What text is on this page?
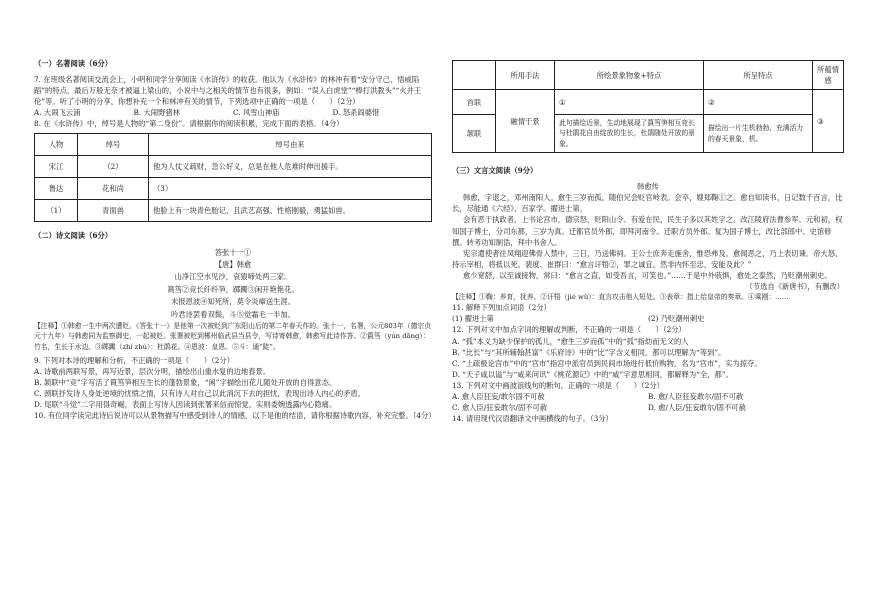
（一）名著阅读（6分）

7. 在班级名著阅读交流会上，小明和同学分享阅读《水浒传》的收获。他认为《水浒传》的林冲有着“安分守己、悟威陷蹈”的特点，最后万般无奈才被逼上梁山的，小说中与之相关的情节也有很多，例如：“误入白虎堂”“棒打洪教头”“火并王伦”等。听了小明的分享，你想补充一个和林冲有关的情节，下列选项中正确的一项是（　　）（2分）

A. 大闹飞云浦	B. 大闹野猪林	C. 风雪山神庙	D. 怒杀阎婆惜

8. 在《水浒传》中，绰号是人物的“第二身份”。请根据你的阅读积累，完成下面的表格。（4分）

人物	绰号	绰号由来
宋江	（2）	他为人仗义疏财，急公好义，总是在他人危难时伸出援手。
鲁达	花和尚	（3）
（1）	青面兽	他脸上有一块青色胎记，且武艺高强、性格刚毅，勇猛如兽。

（二）诗文阅读（6分）

答张十一①

【唐】韩愈

山净江空水见沙，哀猿啼处两三家。

篔筜②竞长纤纤笋，踯躅③闲开艳艳花。

未报恩波④知死所，莫令炎瘴送生涯。

吟君诗罢看双鬓，斗⑤觉霜毛一半加。

【注释】①韩愈一生中两次遭贬。《答张十一》是他第一次被贬到广东阳山后的第二年春天作的。张十一，名署，公元803年（德宗贞元十九年）与韩愈同为监察御史，一起被贬。张署被贬到郴州临武县当县令，写诗寄韩愈，韩愈写此诗作答。②篔筜（yún dāng）：竹名，生长于水边。③踯躅（zhí zhú）：杜鹃花。④恩波：皇恩。⑤斗：通“陡”。

9. 下列对本诗的理解和分析，不正确的一项是（　　）（2分）

A. 诗歌前两联写景，再写近景，层次分明，描绘出山重水复的边地春景。

B. 颔联中“竞”字写活了篔筜笋相互生长的蓬勃景象，“闲”字描绘出花儿随处开放的自得意态。

C. 颈联抒发诗人身处逆境的忧愤之情，只有诗人对自己以此消沉下去的担忧，表现出诗人内心的矛盾。

D. 尾联“斗觉”二字用得奇崛，表面上写诗人因读到张署来信而惊觉，实则委婉透露内心隐痛。

10. 有位同学读完此诗后说诗可以从景物描写中感受到诗人的情感，以下是他的结语，请你根据诗歌内容，补充完整。（4分）

	所用手法	所绘景象物象+特点	所呈特点	所蕴情感
首联	融情于景	①	②	③
颔联		此句描绘近景，生动地展现了篔筜笋相互竞长与杜鹃花自由绽放的生长，杜鹃随处开放的景象。	描绘出一片生机勃勃、充满活力的春天景象，机。	

（三）文言文阅读（9分）

韩愈传

韩愈，字退之，邓州南阳人。愈生三岁而孤，随伯兄会贬官岭表。会卒，嫂郑鞠①之。愈自知读书，日记数千百言，比长，尽能通《六经》、百家学。擢进士第。

会有恶于执政者，上书论宫市，德宗怒，贬阳山令。有爱在民，民生子多以其姓字之。改江陵府法曹参军。元和初，权知国子博士，分司东都，三岁为真。迁都官员外郎，即拜河南令。迁职方员外郎。复为国子博士，改比部郎中、史馆修撰。转考功知制诰，拜中书舍人。

宪宗遣使者往凤翔迎佛骨入禁中，三日，乃送佛祠。王公士庶奔走施舍，惟恐弗及。愈闻恶之，乃上表切谏。帝大怒，持示宰相，将抵以死。裴度、崔群曰：“愈言讦牾②，罪之诚宜。然非内怀至忠，安能及此？”

愈少宽舒，以至诚接物，常曰：“愈言之直，如受吾言，可笑也。”……于是中外骇惧，愈处之泰然，乃贬潮州刺史。

（节选自《新唐书》，有删改）

【注释】①鞠：养育，抚养。②讦牾（jié wǔ）：直言攻击他人短处。③表章：指上给皇帝的奏章。④乘刚：……

11. 解释下列加点词语（2分）

(1) 擢进士第	(2) 乃贬潮州刺史

12. 下列对文中加点字词的理解或判断，不正确的一项是（　　）（2分）

A. “孤”本义为缺少保护的孤儿，“愈生三岁而孤”中的“孤”指幼而无父的人

B. “比长”与“其所辅翰甚富”《乐府诗》中的“比”字含义相同，都可以理解为“等到”。

C. “上疏极论宫市”中的“宫市”指宫中派官员到民间市场进行低价购物，名为“宫市”，实为掠夺。

D. “天子咸以谥”与“咸来问讯”《桃花源记》中的“咸”字意思相同，都解释为“全，都”。

13. 下列对文中画波浪线句的断句，正确的一项是（　　）（2分）

A. 愈人臣狂妄/敢尔固不可赦	B. 愈/人臣狂妄敢尔/固不可赦
C. 愈人臣/狂妄敢尔/固不可赦	D. 愈/人臣/狂妄敢尔/固不可赦

14. 请用现代汉语翻译文中画横线的句子。（3分）
